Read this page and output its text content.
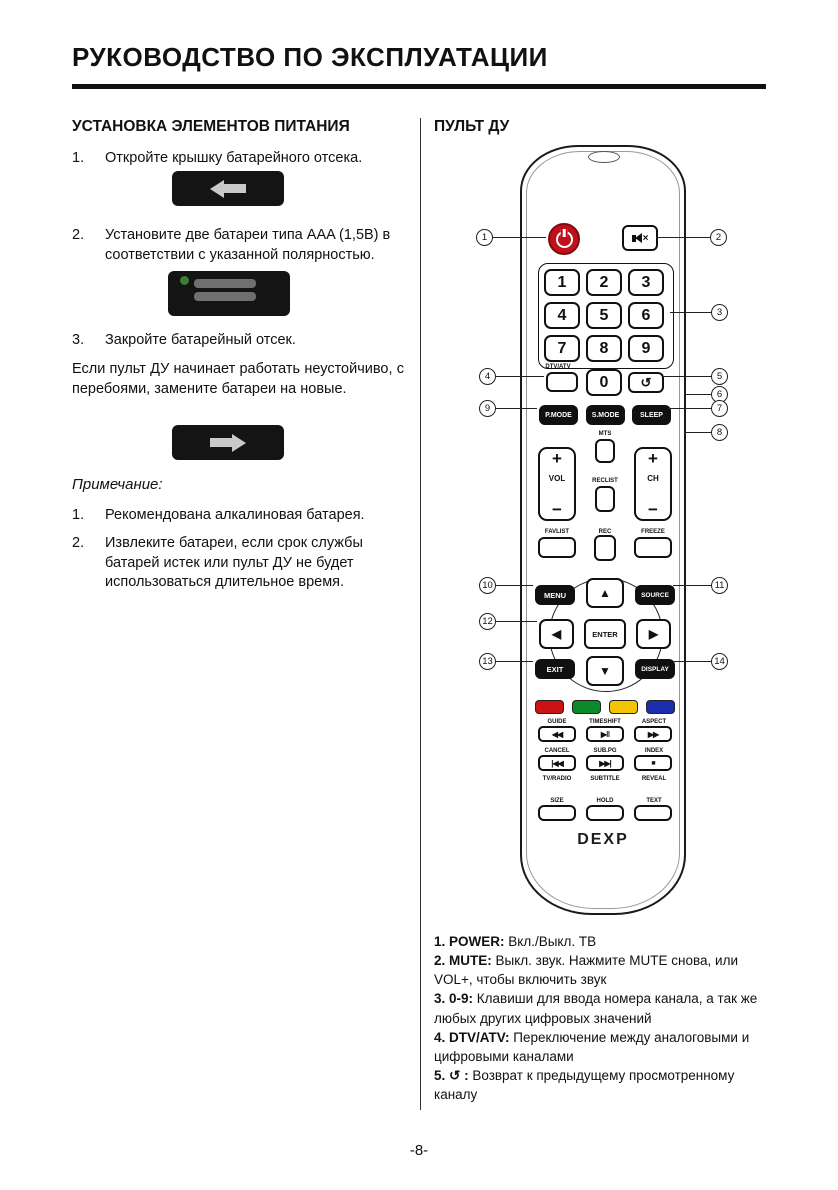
РУКОВОДСТВО ПО ЭКСПЛУАТАЦИИ
УСТАНОВКА ЭЛЕМЕНТОВ ПИТАНИЯ
1.	Откройте крышку батарейного отсека.
2.	Установите две батареи типа AAA (1,5В) в соответствии с указанной полярностью.
3.	Закройте батарейный отсек.
Если пульт ДУ начинает работать неустойчиво, с перебоями, замените батареи на новые.
Примечание:
1.	Рекомендована алкалиновая батарея.
2.	Извлеките батареи, если срок службы батарей истек или пульт ДУ не будет использоваться длительное время.
ПУЛЬТ ДУ
×
1	2	3
4	5	6
7	8	9
DTV/ATV
0	↺
P.MODE	S.MODE	SLEEP
MTS
+
VOL
−
+
CH
−
RECLIST
FAVLIST	REC	FREEZE
MENU	▲	SOURCE
◀	ENTER	▶
EXIT	▼	DISPLAY
GUIDE	TIMESHIFT	ASPECT
◀◀	▶‖	▶▶
CANCEL	SUB.PG	INDEX
|◀◀	▶▶|	■
TV/RADIO	SUBTITLE	REVEAL
SIZE	HOLD	TEXT
DEXP
1	2
3
4	5
6
7
8
9
10	11
12
13	14

1. POWER: Вкл./Выкл. ТВ

2. MUTE: Выкл. звук. Нажмите MUTE снова, или VOL+, чтобы включить звук

3. 0-9: Клавиши для ввода номера канала, а так же любых других цифровых значений

4. DTV/ATV: Переключение между аналоговыми и цифровыми каналами

5. ↺ : Возврат к предыдущему просмотренному каналу

-8-
